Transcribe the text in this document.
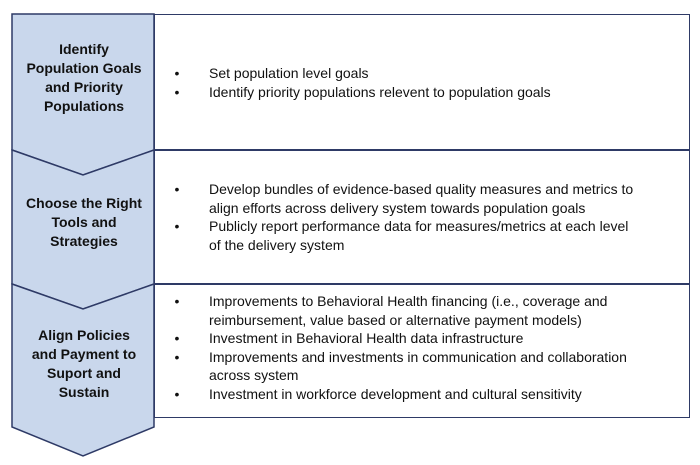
Identify
Population Goals
and Priority
Populations
Choose the Right
Tools and
Strategies
Align Policies
and Payment to
Suport and
Sustain
• Set population level goals
• Identify priority populations relevent to population goals
• Develop bundles of evidence-based quality measures and metrics to
align efforts across delivery system towards population goals
• Publicly report performance data for measures/metrics at each level
of the delivery system
• Improvements to Behavioral Health financing (i.e., coverage and
reimbursement, value based or alternative payment models)
• Investment in Behavioral Health data infrastructure
• Improvements and investments in communication and collaboration
across system
• Investment in workforce development and cultural sensitivity
